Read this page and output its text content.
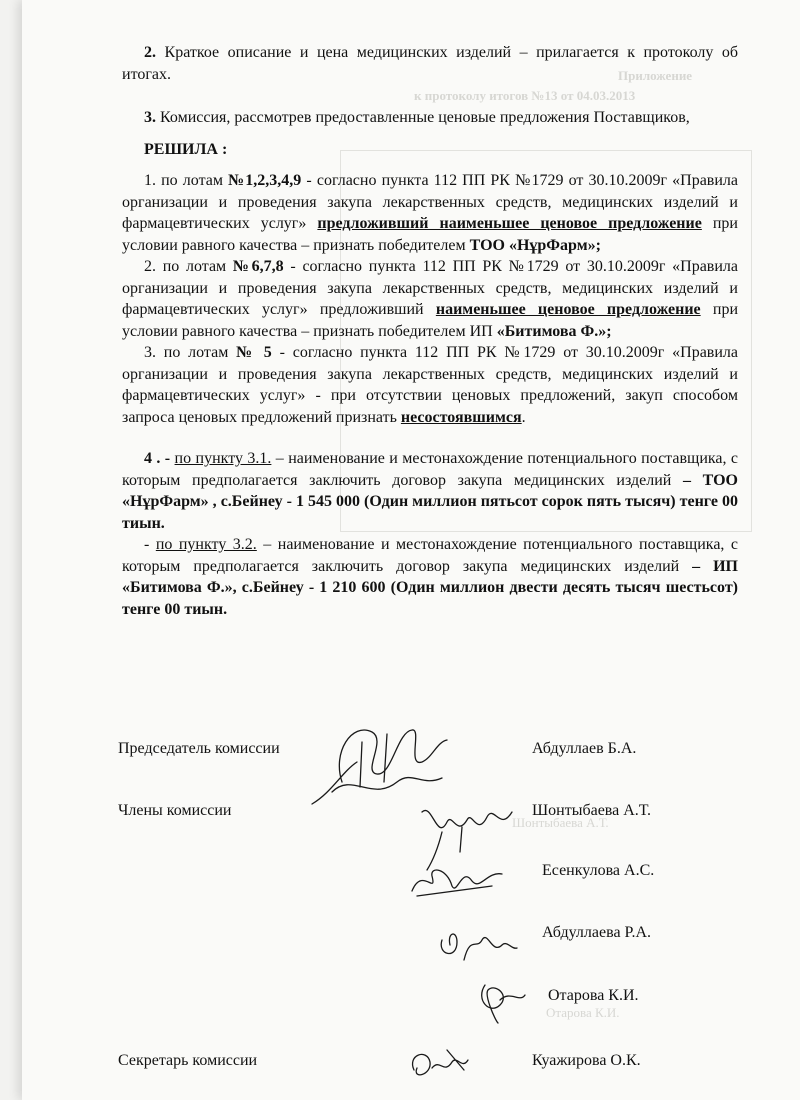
Приложение
к протоколу итогов №13 от 04.03.2013
Отарова К.И.
Шонтыбаева А.Т.

2. Краткое описание и цена медицинских изделий – прилагается к протоколу об итогах.

3. Комиссия, рассмотрев предоставленные ценовые предложения Поставщиков,

РЕШИЛА :

1. по лотам №1,2,3,4,9 - согласно пункта 112 ПП РК №1729 от 30.10.2009г «Правила организации и проведения закупа лекарственных средств, медицинских изделий и фармацевтических услуг» предложивший наименьшее ценовое предложение при условии равного качества – признать победителем ТОО «НұрФарм»;

2. по лотам №6,7,8 - согласно пункта 112 ПП РК №1729 от 30.10.2009г «Правила организации и проведения закупа лекарственных средств, медицинских изделий и фармацевтических услуг» предложивший наименьшее ценовое предложение при условии равного качества – признать победителем ИП «Битимова Ф.»;

3. по лотам № 5 - согласно пункта 112 ПП РК №1729 от 30.10.2009г «Правила организации и проведения закупа лекарственных средств, медицинских изделий и фармацевтических услуг» - при отсутствии ценовых предложений, закуп способом запроса ценовых предложений признать несостоявшимся.

4 . - по пункту 3.1. – наименование и местонахождение потенциального поставщика, с которым предполагается заключить договор закупа медицинских изделий – ТОО «НұрФарм» , с.Бейнеу - 1 545 000 (Один миллион пятьсот сорок пять тысяч) тенге 00 тиын.

- по пункту 3.2. – наименование и местонахождение потенциального поставщика, с которым предполагается заключить договор закупа медицинских изделий – ИП «Битимова Ф.», с.Бейнеу - 1 210 600 (Один миллион двести десять тысяч шестьсот) тенге 00 тиын.

Председатель комиссии	Абдуллаев Б.А.
Члены комиссии	Шонтыбаева А.Т.
Есенкулова А.С.
Абдуллаева Р.А.
Отарова К.И.
Секретарь комиссии	Куажирова О.К.
